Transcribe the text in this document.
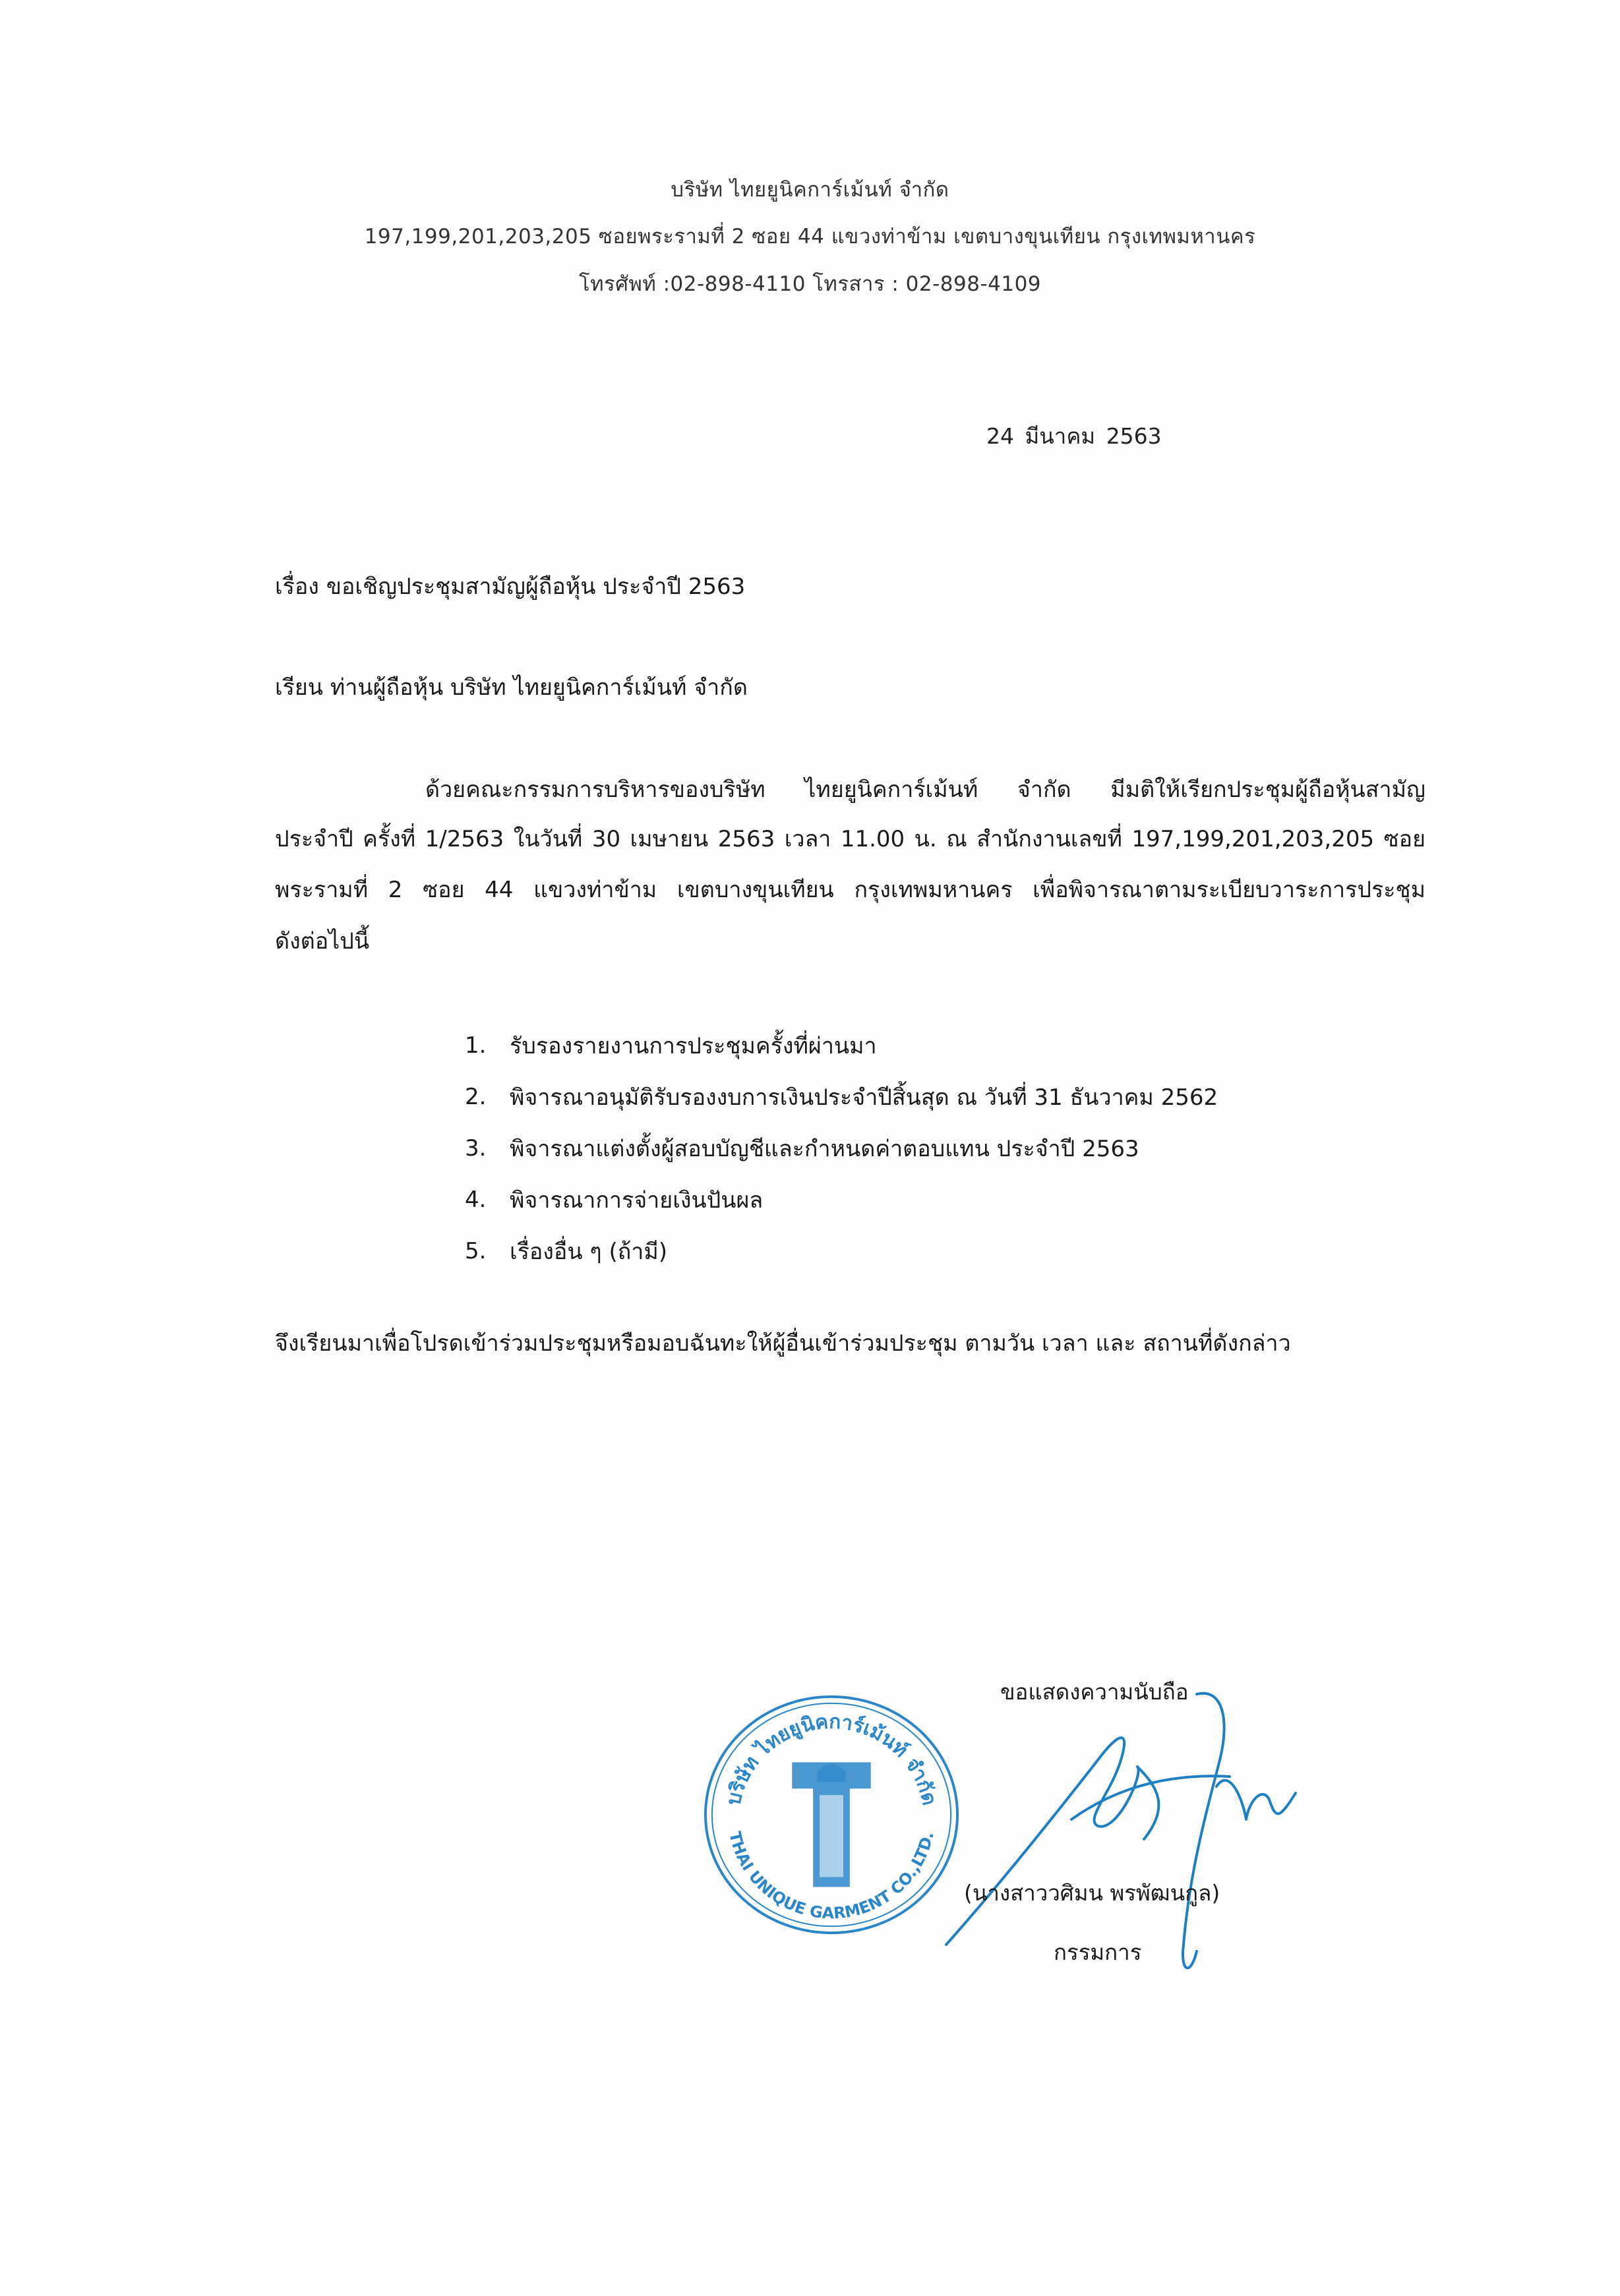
บริษัท ไทยยูนิคการ์เม้นท์ จำกัด
197,199,201,203,205 ซอยพระรามที่ 2 ซอย 44 แขวงท่าข้าม เขตบางขุนเทียน กรุงเทพมหานคร
โทรศัพท์ :02-898-4110 โทรสาร : 02-898-4109
24 มีนาคม 2563
เรื่อง ขอเชิญประชุมสามัญผู้ถือหุ้น ประจำปี 2563
เรียน ท่านผู้ถือหุ้น บริษัท ไทยยูนิคการ์เม้นท์ จำกัด
ด้วยคณะกรรมการบริหารของบริษัท ไทยยูนิคการ์เม้นท์ จำกัด มีมติให้เรียกประชุมผู้ถือหุ้นสามัญ
ประจำปี ครั้งที่ 1/2563 ในวันที่ 30 เมษายน 2563 เวลา 11.00 น. ณ สำนักงานเลขที่ 197,199,201,203,205 ซอย
พระรามที่ 2 ซอย 44 แขวงท่าข้าม เขตบางขุนเทียน กรุงเทพมหานคร เพื่อพิจารณาตามระเบียบวาระการประชุม
ดังต่อไปนี้
1.	รับรองรายงานการประชุมครั้งที่ผ่านมา
2.	พิจารณาอนุมัติรับรองงบการเงินประจำปีสิ้นสุด ณ วันที่ 31 ธันวาคม 2562
3.	พิจารณาแต่งตั้งผู้สอบบัญชีและกำหนดค่าตอบแทน ประจำปี 2563
4.	พิจารณาการจ่ายเงินปันผล
5.	เรื่องอื่น ๆ (ถ้ามี)
จึงเรียนมาเพื่อโปรดเข้าร่วมประชุมหรือมอบฉันทะให้ผู้อื่นเข้าร่วมประชุม ตามวัน เวลา และ สถานที่ดังกล่าว
บริษัท ไทยยูนิคการ์เม้นท์ จำกัด
THAI UNIQUE GARMENT CO.,LTD.
ขอแสดงความนับถือ
(นางสาววศิมน พรพัฒนกูล)
กรรมการ
